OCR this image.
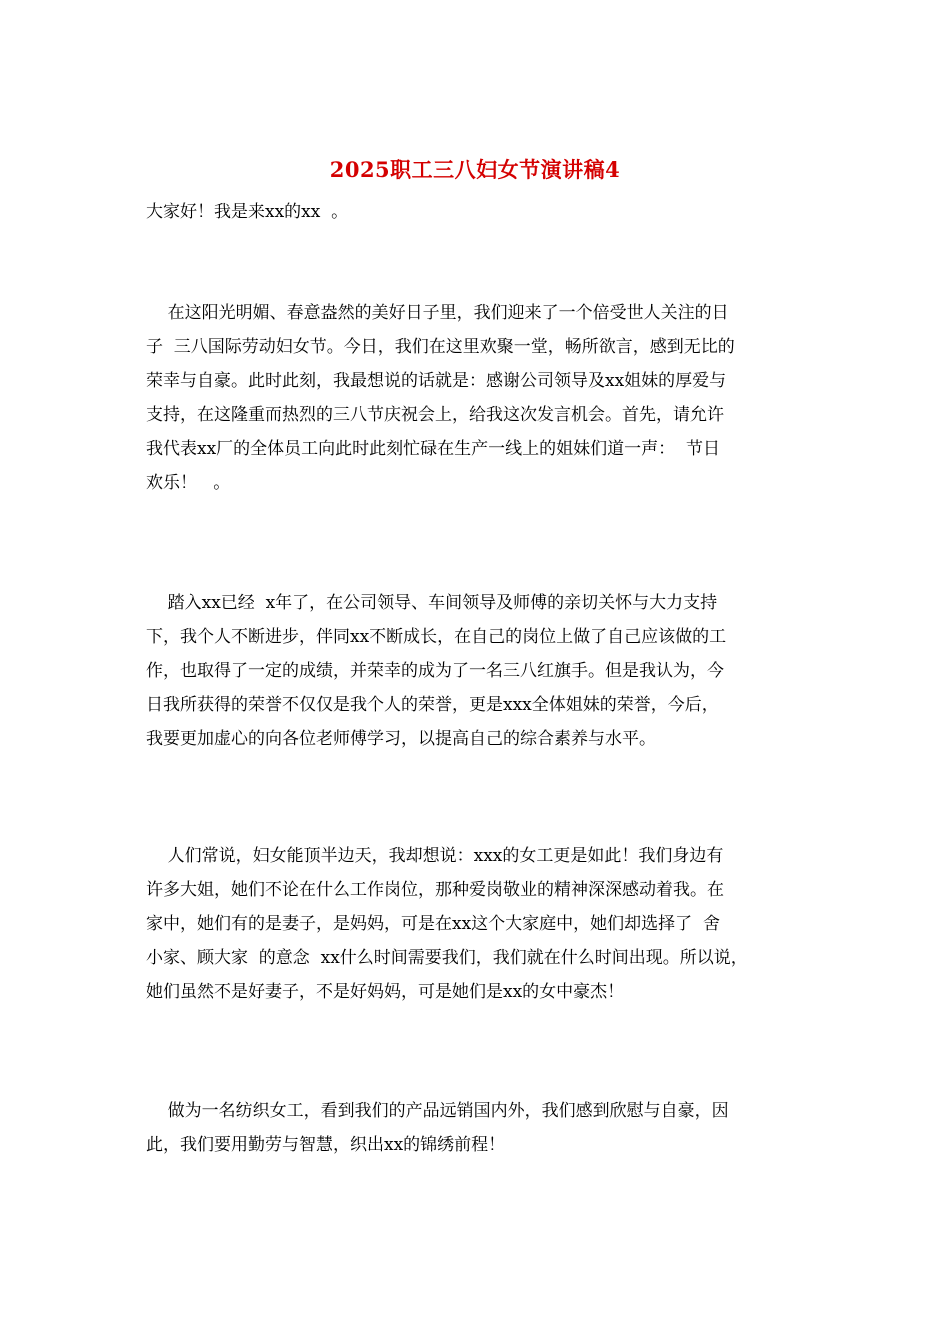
2025职工三八妇女节演讲稿4
大家好！我是来xx的xx  。
在这阳光明媚、春意盎然的美好日子里，我们迎来了一个倍受世人关注的日
子  三八国际劳动妇女节。今日，我们在这里欢聚一堂，畅所欲言，感到无比的
荣幸与自豪。此时此刻，我最想说的话就是：感谢公司领导及xx姐妹的厚爱与
支持，在这隆重而热烈的三八节庆祝会上，给我这次发言机会。首先，请允许
我代表xx厂的全体员工向此时此刻忙碌在生产一线上的姐妹们道一声：  节日
欢乐！   。
踏入xx已经  x年了，在公司领导、车间领导及师傅的亲切关怀与大力支持
下，我个人不断进步，伴同xx不断成长，在自己的岗位上做了自己应该做的工
作，也取得了一定的成绩，并荣幸的成为了一名三八红旗手。但是我认为，今
日我所获得的荣誉不仅仅是我个人的荣誉，更是xxx全体姐妹的荣誉，今后，
我要更加虚心的向各位老师傅学习，以提高自己的综合素养与水平。
人们常说，妇女能顶半边天，我却想说：xxx的女工更是如此！我们身边有
许多大姐，她们不论在什么工作岗位，那种爱岗敬业的精神深深感动着我。在
家中，她们有的是妻子，是妈妈，可是在xx这个大家庭中，她们却选择了  舍
小家、顾大家  的意念  xx什么时间需要我们，我们就在什么时间出现。所以说，
她们虽然不是好妻子，不是好妈妈，可是她们是xx的女中豪杰！
做为一名纺织女工，看到我们的产品远销国内外，我们感到欣慰与自豪，因
此，我们要用勤劳与智慧，织出xx的锦绣前程！
